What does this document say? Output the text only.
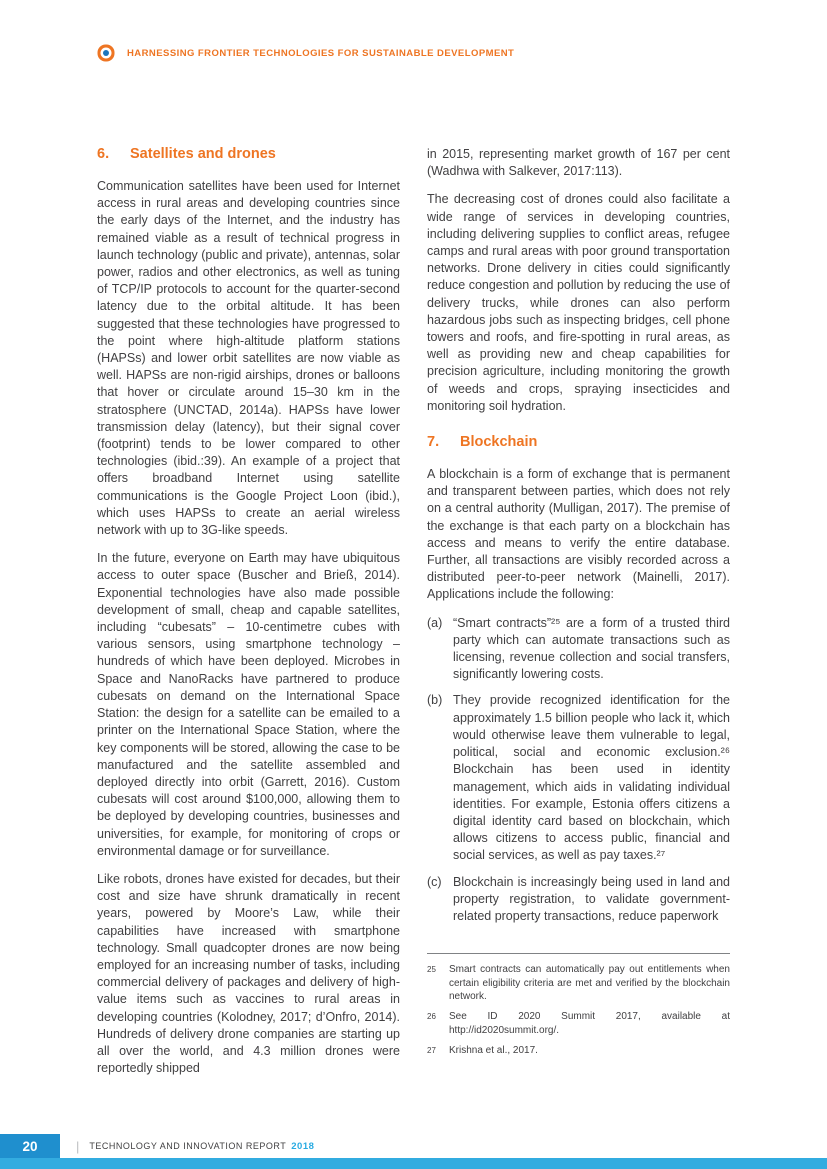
HARNESSING FRONTIER TECHNOLOGIES FOR SUSTAINABLE DEVELOPMENT
6.	Satellites and drones

Communication satellites have been used for Internet access in rural areas and developing countries since the early days of the Internet, and the industry has remained viable as a result of technical progress in launch technology (public and private), antennas, solar power, radios and other electronics, as well as tuning of TCP/IP protocols to account for the quarter-second latency due to the orbital altitude. It has been suggested that these technologies have progressed to the point where high-altitude platform stations (HAPSs) and lower orbit satellites are now viable as well. HAPSs are non-rigid airships, drones or balloons that hover or circulate around 15–30 km in the stratosphere (UNCTAD, 2014a). HAPSs have lower transmission delay (latency), but their signal cover (footprint) tends to be lower compared to other technologies (ibid.:39). An example of a project that offers broadband Internet using satellite communications is the Google Project Loon (ibid.), which uses HAPSs to create an aerial wireless network with up to 3G-like speeds.

In the future, everyone on Earth may have ubiquitous access to outer space (Buscher and Brieß, 2014). Exponential technologies have also made possible development of small, cheap and capable satellites, including “cubesats” – 10-centimetre cubes with various sensors, using smartphone technology – hundreds of which have been deployed. Microbes in Space and NanoRacks have partnered to produce cubesats on demand on the International Space Station: the design for a satellite can be emailed to a printer on the International Space Station, where the key components will be stored, allowing the case to be manufactured and the satellite assembled and deployed directly into orbit (Garrett, 2016). Custom cubesats will cost around $100,000, allowing them to be deployed by developing countries, businesses and universities, for example, for monitoring of crops or environmental damage or for surveillance.

Like robots, drones have existed for decades, but their cost and size have shrunk dramatically in recent years, powered by Moore’s Law, while their capabilities have increased with smartphone technology. Small quadcopter drones are now being employed for an increasing number of tasks, including commercial delivery of packages and delivery of high-value items such as vaccines to rural areas in developing countries (Kolodney, 2017; d’Onfro, 2014). Hundreds of delivery drone companies are starting up all over the world, and 4.3 million drones were reportedly shipped

in 2015, representing market growth of 167 per cent (Wadhwa with Salkever, 2017:113).

The decreasing cost of drones could also facilitate a wide range of services in developing countries, including delivering supplies to conflict areas, refugee camps and rural areas with poor ground transportation networks. Drone delivery in cities could significantly reduce congestion and pollution by reducing the use of delivery trucks, while drones can also perform hazardous jobs such as inspecting bridges, cell phone towers and roofs, and fire-spotting in rural areas, as well as providing new and cheap capabilities for precision agriculture, including monitoring the growth of weeds and crops, spraying insecticides and monitoring soil hydration.

7.	Blockchain

A blockchain is a form of exchange that is permanent and transparent between parties, which does not rely on a central authority (Mulligan, 2017). The premise of the exchange is that each party on a blockchain has access and means to verify the entire database. Further, all transactions are visibly recorded across a distributed peer-to-peer network (Mainelli, 2017). Applications include the following:

(a) “Smart contracts”²⁵ are a form of a trusted third party which can automate transactions such as licensing, revenue collection and social transfers, significantly lowering costs.
(b) They provide recognized identification for the approximately 1.5 billion people who lack it, which would otherwise leave them vulnerable to legal, political, social and economic exclusion.²⁶ Blockchain has been used in identity management, which aids in validating individual identities. For example, Estonia offers citizens a digital identity card based on blockchain, which allows citizens to access public, financial and social services, as well as pay taxes.²⁷
(c) Blockchain is increasingly being used in land and property registration, to validate government-related property transactions, reduce paperwork
25	Smart contracts can automatically pay out entitlements when certain eligibility criteria are met and verified by the blockchain network.
26	See ID 2020 Summit 2017, available at http://id2020summit.org/.
27	Krishna et al., 2017.
20	| TECHNOLOGY AND INNOVATION REPORT 2018
